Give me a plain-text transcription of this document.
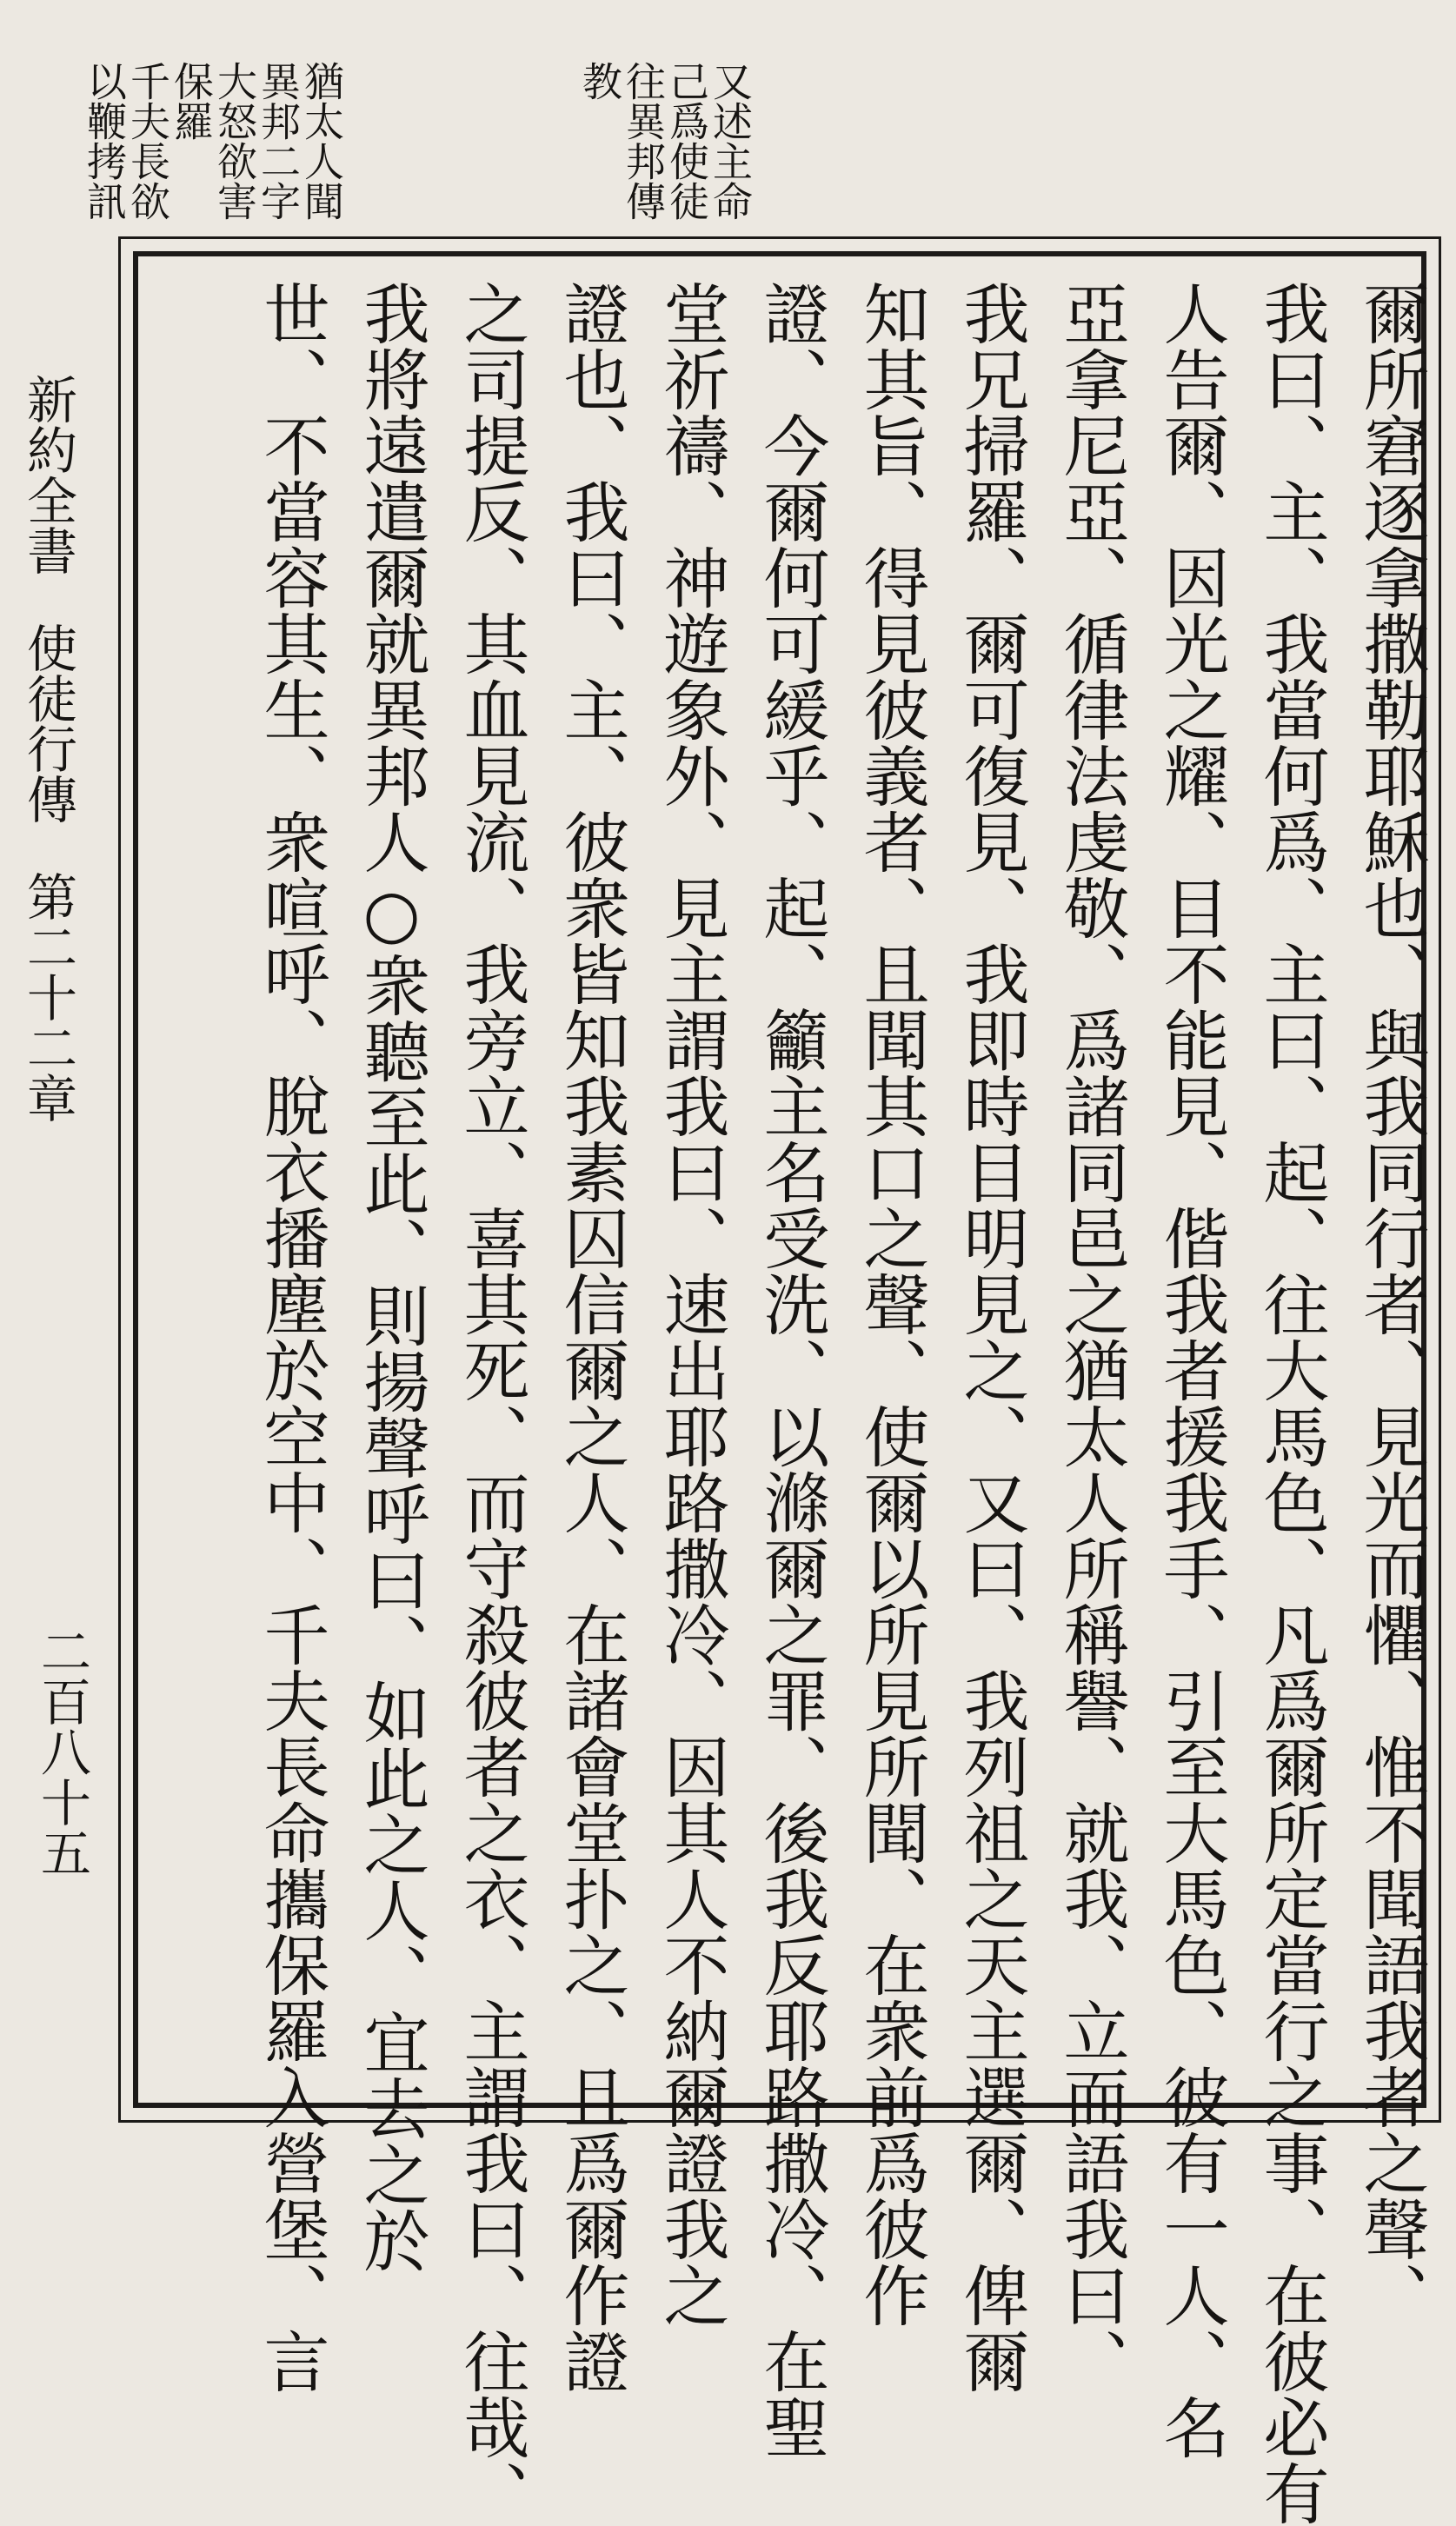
猶太人聞
異邦二字
大怒欲害
保羅
千夫長欲
以鞭拷訊	又述主命
己爲使徒
往異邦傳
教
爾所窘逐拿撒勒耶穌也、與我同行者、見光而懼、惟不聞語我者之聲、
我曰、主、我當何爲、主曰、起、往大馬色、凡爲爾所定當行之事、在彼必有
人告爾、因光之耀、目不能見、偕我者援我手、引至大馬色、彼有一人、名
亞拿尼亞、循律法虔敬、爲諸同邑之猶太人所稱譽、就我、立而語我曰、
我兄掃羅、爾可復見、我即時目明見之、又曰、我列祖之天主選爾、俾爾
知其旨、得見彼義者、且聞其口之聲、使爾以所見所聞、在衆前爲彼作
證、今爾何可緩乎、起、籲主名受洗、以滌爾之罪、後我反耶路撒冷、在聖
堂祈禱、神遊象外、見主謂我曰、速出耶路撒冷、因其人不納爾證我之
證也、我曰、主、彼衆皆知我素囚信爾之人、在諸會堂扑之、且爲爾作證
之司提反、其血見流、我旁立、喜其死、而守殺彼者之衣、主謂我曰、往哉、
我將遠遣爾就異邦人○衆聽至此、則揚聲呼曰、如此之人、宜去之於
世、不當容其生、衆喧呼、脫衣播塵於空中、千夫長命攜保羅入營堡、言
新約全書使徒行傳第二十二章
二百八十五
